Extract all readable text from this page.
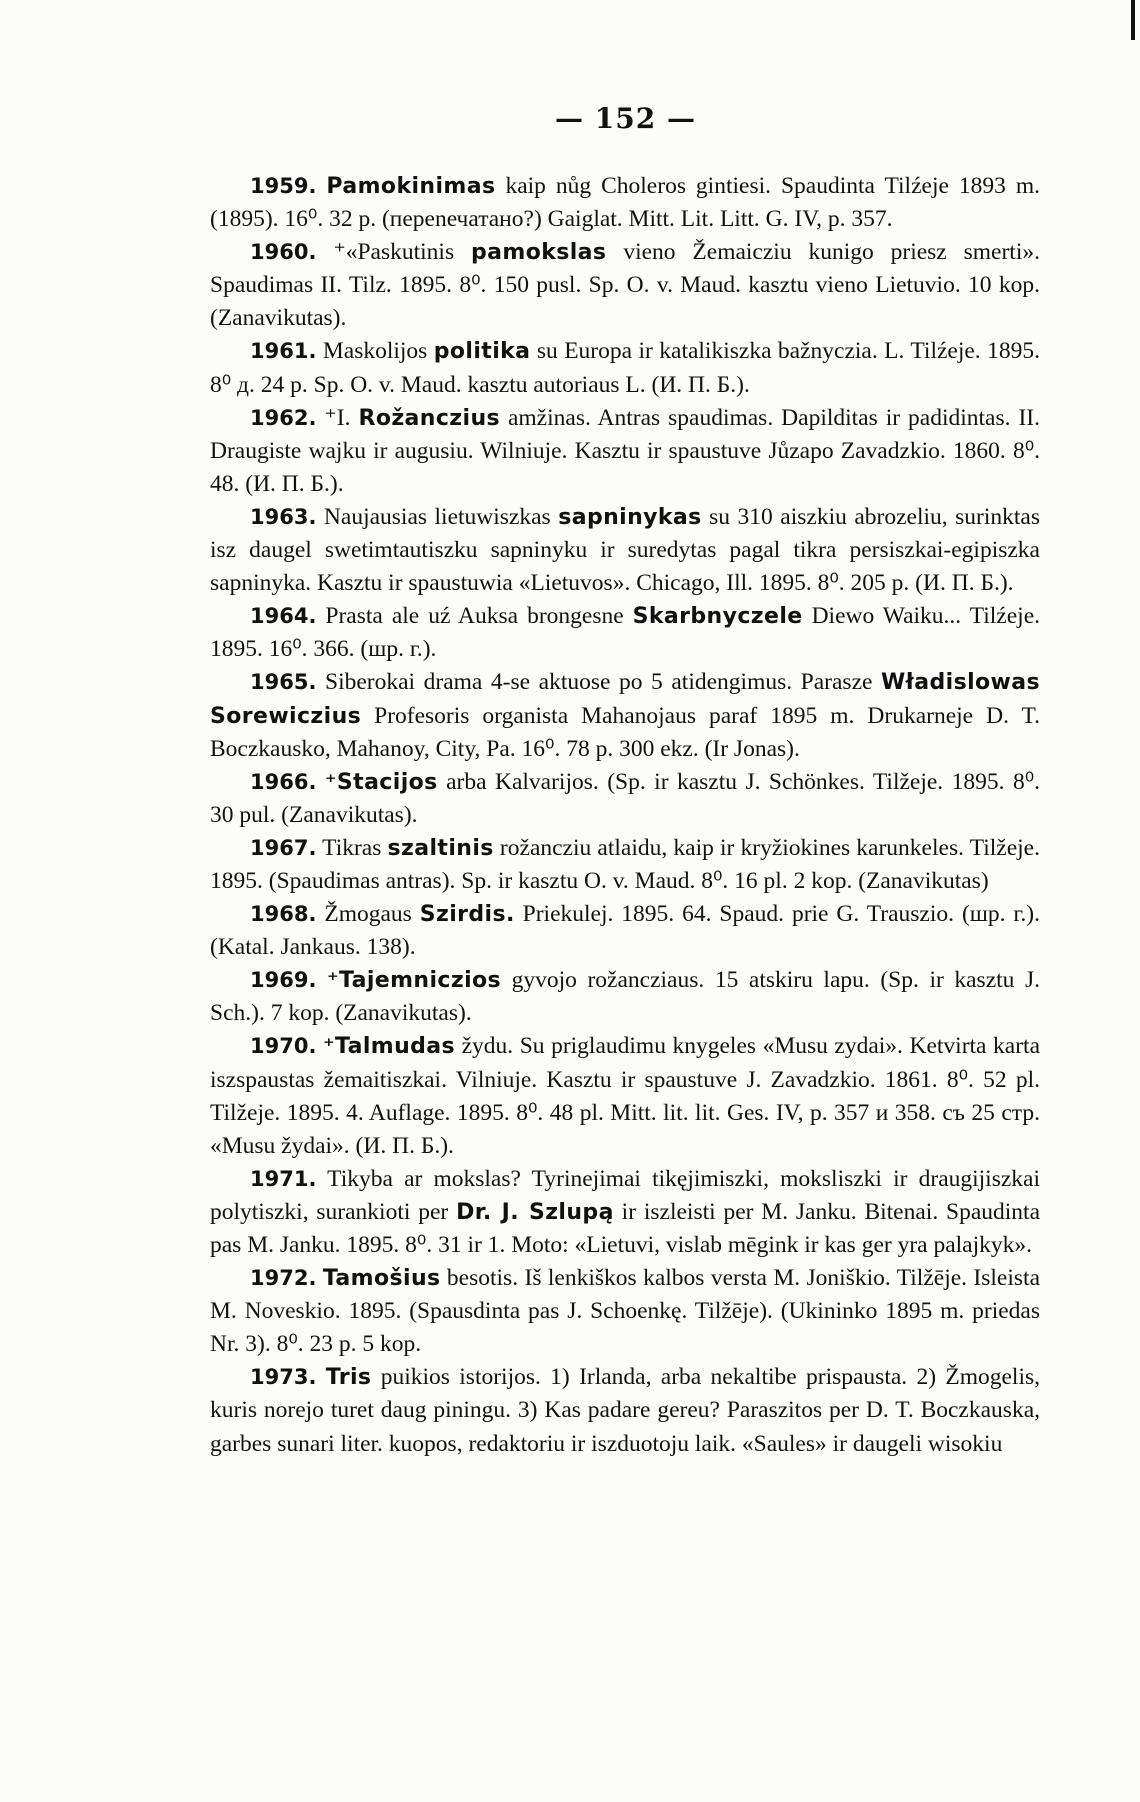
— 152 —

1959. Pamokinimas kaip nůg Choleros gintiesi. Spaudinta Tilźeje 1893 m. (1895). 16⁰. 32 p. (переnечатано?) Gaiglat. Mitt. Lit. Litt. G. IV, p. 357.

1960. ⁺«Paskutinis pamokslas vieno Žemaicziu kunigo priesz smerti». Spaudimas II. Tilz. 1895. 8⁰. 150 pusl. Sp. O. v. Maud. kasztu vieno Lietuvio. 10 kop. (Zanavikutas).

1961. Maskolijos politika su Europa ir katalikiszka bažnyczia. L. Tilźeje. 1895. 8⁰ д. 24 p. Sp. O. v. Maud. kasztu autoriaus L. (И. П. Б.).

1962. ⁺I. Rožanczius amžinas. Antras spaudimas. Dapilditas ir padidintas. II. Draugiste wajku ir augusiu. Wilniuje. Kasztu ir spaustuve Jůzapo Zavadzkio. 1860. 8⁰. 48. (И. П. Б.).

1963. Naujausias lietuwiszkas sapninykas su 310 aiszkiu abrozeliu, surinktas isz daugel swetimtautiszku sapninyku ir suredytas pagal tikra persiszkai-egipiszka sapninyka. Kasztu ir spaustuwia «Lietuvos». Chicago, Ill. 1895. 8⁰. 205 p. (И. П. Б.).

1964. Prasta ale uź Auksa brongesne Skarbnyczele Diewo Waiku... Tilźeje. 1895. 16⁰. 366. (шр. г.).

1965. Siberokai drama 4-se aktuose po 5 atidengimus. Parasze Władislowas Sorewiczius Profesoris organista Mahanojaus paraf 1895 m. Drukarneje D. T. Boczkausko, Mahanoy, City, Pa. 16⁰. 78 p. 300 ekz. (Ir Jonas).

1966. ⁺Stacijos arba Kalvarijos. (Sp. ir kasztu J. Schönkes. Tilžeje. 1895. 8⁰. 30 pul. (Zanavikutas).

1967. Tikras szaltinis rožancziu atlaidu, kaip ir kryžiokines karunkeles. Tilžeje. 1895. (Spaudimas antras). Sp. ir kasztu O. v. Maud. 8⁰. 16 pl. 2 kop. (Zanavikutas)

1968. Žmogaus Szirdis. Priekulej. 1895. 64. Spaud. prie G. Trauszio. (шр. г.). (Katal. Jankaus. 138).

1969. ⁺Tajemniczios gyvojo rožancziaus. 15 atskiru lapu. (Sp. ir kasztu J. Sch.). 7 kop. (Zanavikutas).

1970. ⁺Talmudas žydu. Su priglaudimu knygeles «Musu zydai». Ketvirta karta iszspaustas žemaitiszkai. Vilniuje. Kasztu ir spaustuve J. Zavadzkio. 1861. 8⁰. 52 pl. Tilžeje. 1895. 4. Auflage. 1895. 8⁰. 48 pl. Mitt. lit. lit. Ges. IV, p. 357 и 358. съ 25 стр. «Musu žydai». (И. П. Б.).

1971. Tikyba ar mokslas? Tyrinejimai tikęjimiszki, moksliszki ir draugijiszkai polytiszki, surankioti per Dr. J. Szlupą ir iszleisti per M. Janku. Bitenai. Spaudinta pas M. Janku. 1895. 8⁰. 31 ir 1. Moto: «Lietuvi, vislab mēgink ir kas ger yra palajkyk».

1972. Tamošius besotis. Iš lenkiškos kalbos versta M. Joniškio. Tilžēje. Isleista M. Noveskio. 1895. (Spausdinta pas J. Schoenkę. Tilžēje). (Ukininko 1895 m. priedas Nr. 3). 8⁰. 23 p. 5 kop.

1973. Tris puikios istorijos. 1) Irlanda, arba nekaltibe prispausta. 2) Žmogelis, kuris norejo turet daug piningu. 3) Kas padare gereu? Paraszitos per D. T. Boczkauska, garbes sunari liter. kuopos, redaktoriu ir iszduotoju laik. «Saules» ir daugeli wisokiu
